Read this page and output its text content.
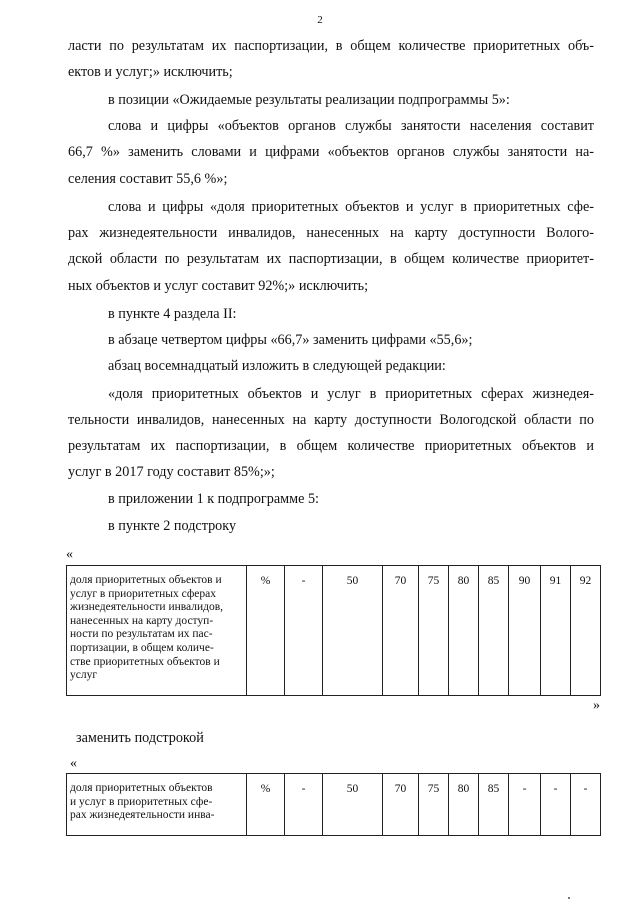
2
ласти по результатам их паспортизации, в общем количестве приоритетных объ-
ектов и услуг;» исключить;
в позиции «Ожидаемые результаты реализации подпрограммы 5»:
слова и цифры «объектов органов службы занятости населения составит
66,7 %» заменить словами и цифрами «объектов органов службы занятости на-
селения составит 55,6 %»;
слова и цифры «доля приоритетных объектов и услуг в приоритетных сфе-
рах жизнедеятельности инвалидов, нанесенных на карту доступности Волого-
дской области по результатам их паспортизации, в общем количестве приоритет-
ных объектов и услуг составит 92%;» исключить;
в пункте 4 раздела II:
в абзаце четвертом цифры «66,7» заменить цифрами «55,6»;
абзац восемнадцатый изложить в следующей редакции:
«доля приоритетных объектов и услуг в приоритетных сферах жизнедея-
тельности инвалидов, нанесенных на карту доступности Вологодской области по
результатам их паспортизации, в общем количестве приоритетных объектов и
услуг в 2017 году составит 85%;»;
в приложении 1 к подпрограмме 5:
в пункте 2 подстроку
«
доля приоритетных объектов и
услуг в приоритетных сферах
жизнедеятельности инвалидов,
нанесенных на карту доступ-
ности по результатам их пас-
портизации, в общем количе-
стве приоритетных объектов и
услуг
	%	-	50	70	75	80	85	90	91	92
»
заменить подстрокой
«
доля приоритетных объектов
и услуг в приоритетных сфе-
рах жизнедеятельности инва-
	%	-	50	70	75	80	85	-	-	-
